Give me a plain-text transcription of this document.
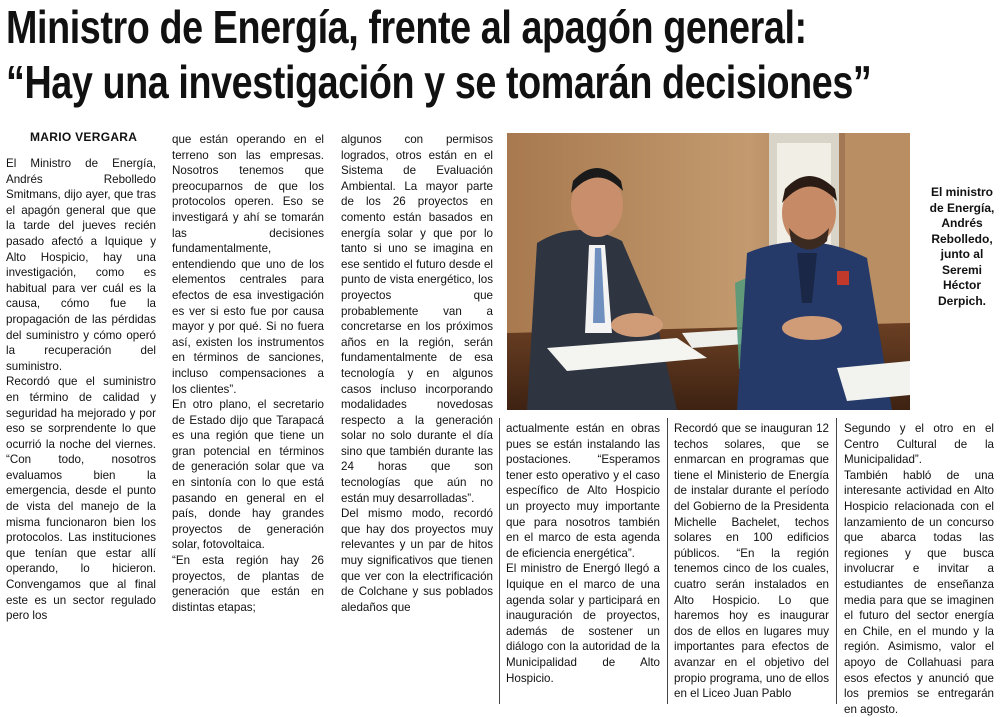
Ministro de Energía, frente al apagón general:
“Hay una investigación y se tomarán decisiones”
MARIO VERGARA

El Ministro de Energía, Andrés Rebolledo Smitmans, dijo ayer, que tras el apagón general que que la tarde del jueves recién pasado afectó a Iquique y Alto Hospicio, hay una investigación, como es habitual para ver cuál es la causa, cómo fue la propagación de las pérdidas del suministro y cómo operó la recuperación del suministro.

Recordó que el suministro en término de calidad y seguridad ha mejorado y por eso se sorprendente lo que ocurrió la noche del viernes. “Con todo, nosotros evaluamos bien la emergencia, desde el punto de vista del manejo de la misma funcionaron bien los protocolos. Las instituciones que tenían que estar allí operando, lo hicieron. Convengamos que al final este es un sector regulado pero los

que están operando en el terreno son las empresas. Nosotros tenemos que preocuparnos de que los protocolos operen. Eso se investigará y ahí se tomarán las decisiones fundamentalmente, entendiendo que uno de los elementos centrales para efectos de esa investigación es ver si esto fue por causa mayor y por qué. Si no fuera así, existen los instrumentos en términos de sanciones, incluso compensaciones a los clientes”.

En otro plano, el secretario de Estado dijo que Tarapacá es una región que tiene un gran potencial en términos de generación solar que va en sintonía con lo que está pasando en general en el país, donde hay grandes proyectos de generación solar, fotovoltaica.

“En esta región hay 26 proyectos, de plantas de generación que están en distintas etapas;

algunos con permisos logrados, otros están en el Sistema de Evaluación Ambiental. La mayor parte de los 26 proyectos en comento están basados en energía solar y que por lo tanto si uno se imagina en ese sentido el futuro desde el punto de vista energético, los proyectos que probablemente van a concretarse en los próximos años en la región, serán fundamentalmente de esa tecnología y en algunos casos incluso incorporando modalidades novedosas respecto a la generación solar no solo durante el día sino que también durante las 24 horas que son tecnologías que aún no están muy desarrolladas”.

Del mismo modo, recordó que hay dos proyectos muy relevantes y un par de hitos muy significativos que tienen que ver con la electrificación de Colchane y sus poblados aledaños que

El ministro de Energía, Andrés Rebolledo, junto al Seremi Héctor Derpich.

actualmente están en obras pues se están instalando las postaciones. “Esperamos tener esto operativo y el caso específico de Alto Hospicio un proyecto muy importante que para nosotros también en el marco de esta agenda de eficiencia energética”.

El ministro de Energó llegó a Iquique en el marco de una agenda solar y participará en inauguración de proyectos, además de sostener un diálogo con la autoridad de la Municipalidad de Alto Hospicio.

Recordó que se inauguran 12 techos solares, que se enmarcan en programas que tiene el Ministerio de Energía de instalar durante el período del Gobierno de la Presidenta Michelle Bachelet, techos solares en 100 edificios públicos. “En la región tenemos cinco de los cuales, cuatro serán instalados en Alto Hospicio. Lo que haremos hoy es inaugurar dos de ellos en lugares muy importantes para efectos de avanzar en el objetivo del propio programa, uno de ellos en el Liceo Juan Pablo

Segundo y el otro en el Centro Cultural de la Municipalidad”.

También habló de una interesante actividad en Alto Hospicio relacionada con el lanzamiento de un concurso que abarca todas las regiones y que busca involucrar e invitar a estudiantes de enseñanza media para que se imaginen el futuro del sector energía en Chile, en el mundo y la región. Asimismo, valor el apoyo de Collahuasi para esos efectos y anunció que los premios se entregarán en agosto.
